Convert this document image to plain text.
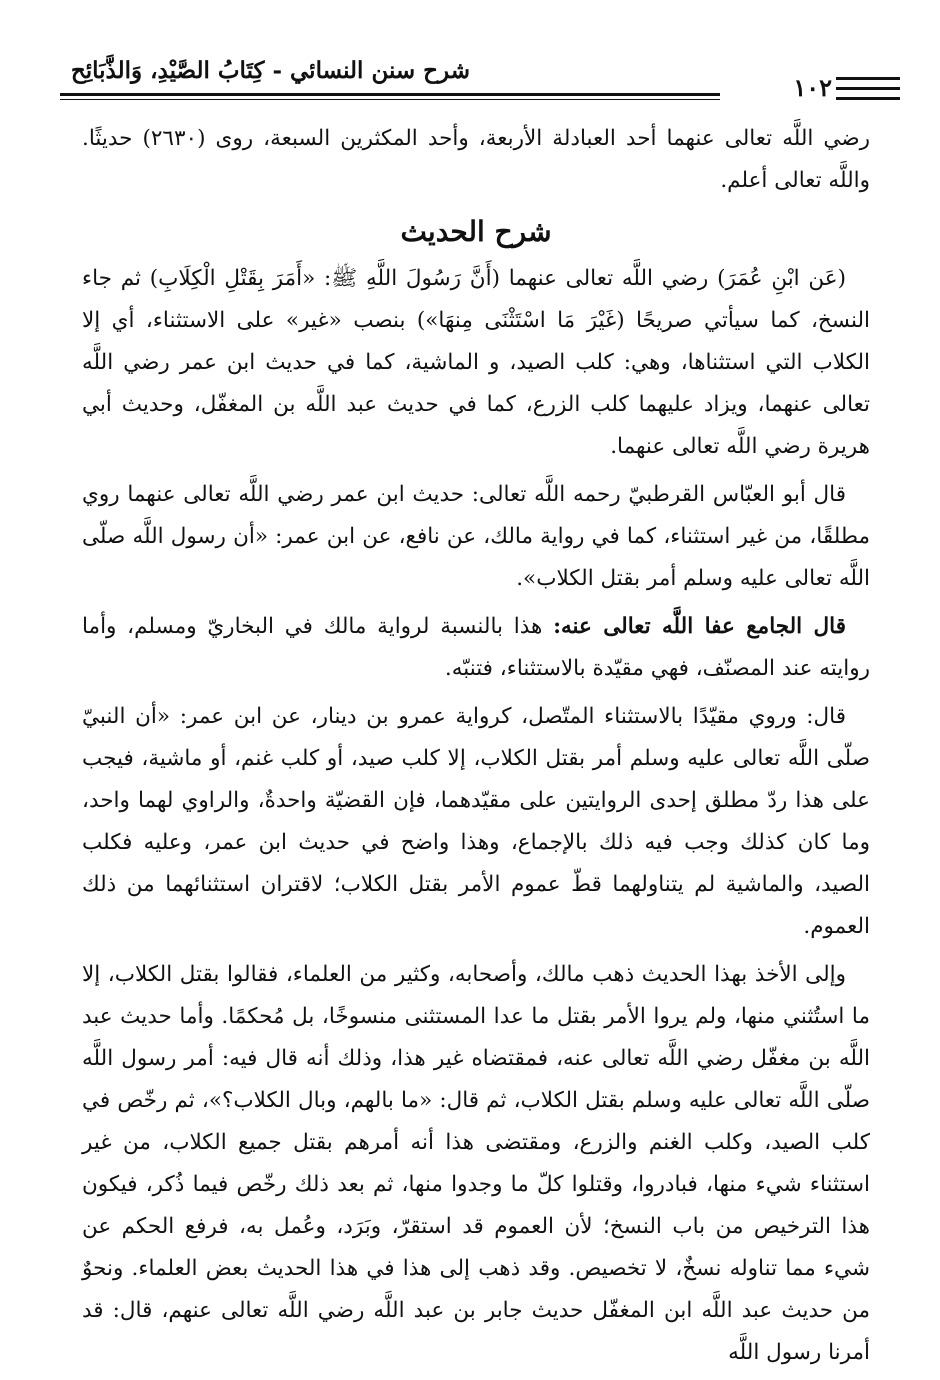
شرح سنن النسائي - كِتَابُ الصَّيْدِ، وَالذَّبَائِح
١٠٢

رضي اللَّه تعالى عنهما أحد العبادلة الأربعة، وأحد المكثرين السبعة، روى (٢٦٣٠) حديثًا. واللَّه تعالى أعلم.

شرح الحديث

(عَن ابْنِ عُمَرَ) رضي اللَّه تعالى عنهما (أَنَّ رَسُولَ اللَّهِ ﷺ: «أَمَرَ بِقَتْلِ الْكِلَابِ) ثم جاء النسخ، كما سيأتي صريحًا (غَيْرَ مَا اسْتَثْنَى مِنهَا») بنصب «غير» على الاستثناء، أي إلا الكلاب التي استثناها، وهي: كلب الصيد، و الماشية، كما في حديث ابن عمر رضي اللَّه تعالى عنهما، ويزاد عليهما كلب الزرع، كما في حديث عبد اللَّه بن المغفّل، وحديث أبي هريرة رضي اللَّه تعالى عنهما.

قال أبو العبّاس القرطبيّ رحمه اللَّه تعالى: حديث ابن عمر رضي اللَّه تعالى عنهما روي مطلقًا، من غير استثناء، كما في رواية مالك، عن نافع، عن ابن عمر: «أن رسول اللَّه صلّى اللَّه تعالى عليه وسلم أمر بقتل الكلاب».

قال الجامع عفا اللَّه تعالى عنه: هذا بالنسبة لرواية مالك في البخاريّ ومسلم، وأما روايته عند المصنّف، فهي مقيّدة بالاستثناء، فتنبّه.

قال: وروي مقيّدًا بالاستثناء المتّصل، كرواية عمرو بن دينار، عن ابن عمر: «أن النبيّ صلّى اللَّه تعالى عليه وسلم أمر بقتل الكلاب، إلا كلب صيد، أو كلب غنم، أو ماشية، فيجب على هذا ردّ مطلق إحدى الروايتين على مقيّدهما، فإن القضيّة واحدةٌ، والراوي لهما واحد، وما كان كذلك وجب فيه ذلك بالإجماع، وهذا واضح في حديث ابن عمر، وعليه فكلب الصيد، والماشية لم يتناولهما قطّ عموم الأمر بقتل الكلاب؛ لاقتران استثنائهما من ذلك العموم.

وإلى الأخذ بهذا الحديث ذهب مالك، وأصحابه، وكثير من العلماء، فقالوا بقتل الكلاب، إلا ما استُثني منها، ولم يروا الأمر بقتل ما عدا المستثنى منسوخًا، بل مُحكمًا. وأما حديث عبد اللَّه بن مغفّل رضي اللَّه تعالى عنه، فمقتضاه غير هذا، وذلك أنه قال فيه: أمر رسول اللَّه صلّى اللَّه تعالى عليه وسلم بقتل الكلاب، ثم قال: «ما بالهم، وبال الكلاب؟»، ثم رخّص في كلب الصيد، وكلب الغنم والزرع، ومقتضى هذا أنه أمرهم بقتل جميع الكلاب، من غير استثناء شيء منها، فبادروا، وقتلوا كلّ ما وجدوا منها، ثم بعد ذلك رخّص فيما ذُكر، فيكون هذا الترخيص من باب النسخ؛ لأن العموم قد استقرّ، وبَرَد، وعُمل به، فرفع الحكم عن شيء مما تناوله نسخٌ، لا تخصيص. وقد ذهب إلى هذا في هذا الحديث بعض العلماء. ونحوٌ من حديث عبد اللَّه ابن المغفّل حديث جابر بن عبد اللَّه رضي اللَّه تعالى عنهم، قال: قد أمرنا رسول اللَّه
